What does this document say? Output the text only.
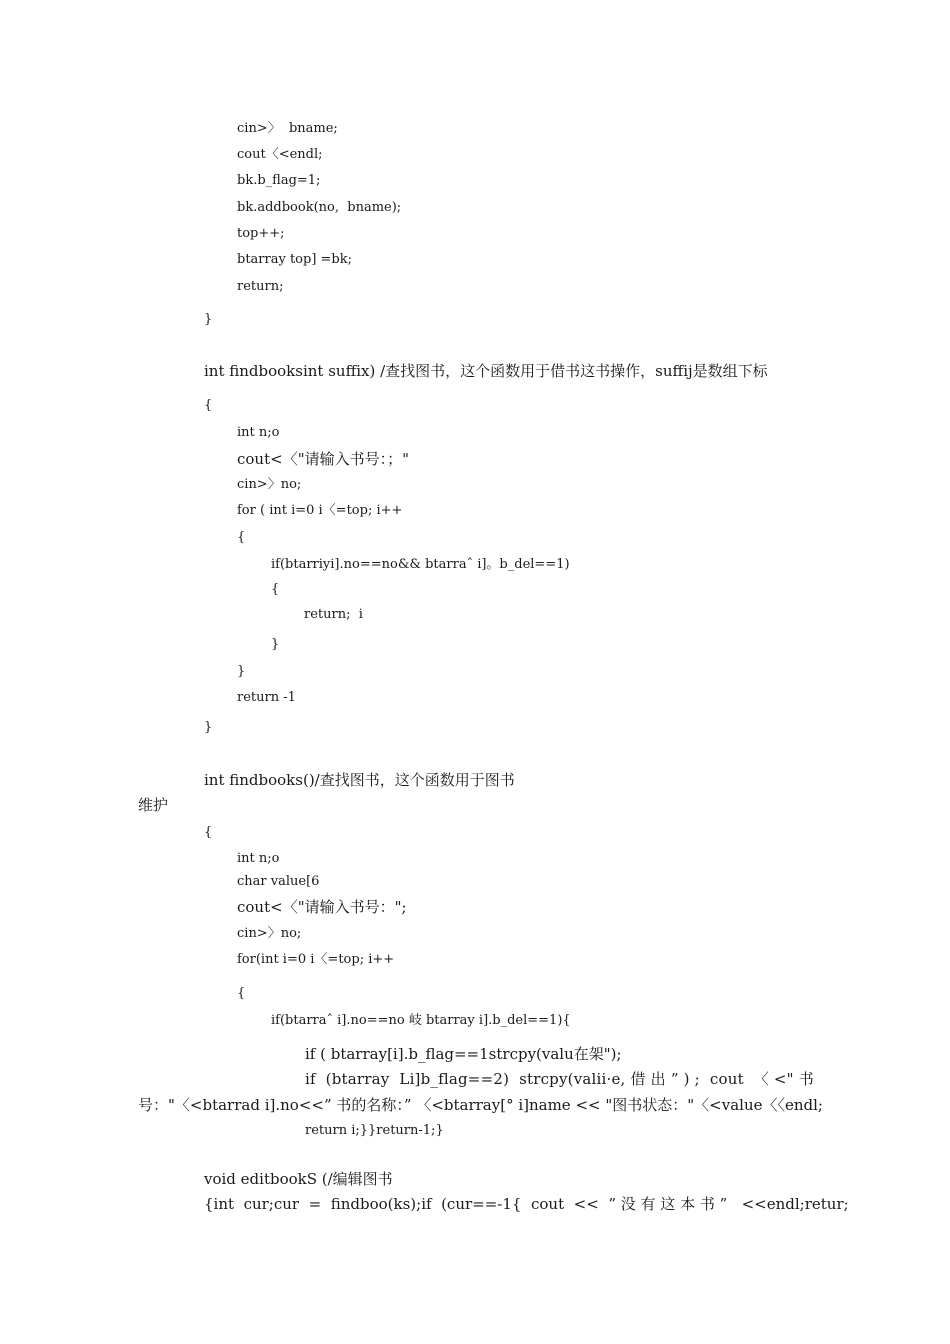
cin>〉  bname;
cout〈<endl;
bk.b_flag=1;
bk.addbook(no,  bname);
top++;
btarray top] =bk;
return;
}
int findbooksint suffix) /查找图书，这个函数用于借书这书操作，suffij是数组下标
{
int n;o
cout<〈"请输入书号：；"
cin>〉no;
for ( int i=0 i〈=top; i++
{
if(btarriyi].no==no&& btarraˆ i]。b_del==1)
{
return;  i
}
}
return -1
}
int findbooks()/查找图书，这个函数用于图书
维护
{
int n;o
char value[6
cout<〈"请输入书号：";
cin>〉no;
for(int i=0 i〈=top; i++
{
if(btarraˆ i].no==no 岐 btarray i].b_del==1){
if ( btarray[i].b_flag==1strcpy(valu在架");
if  (btarray  Li]b_flag==2)  strcpy(valii·e, 借 出 ” ) ;  cout  〈 <" 书
号："〈<btarrad i].no<<” 书的名称：” 〈<btarray[° i]name << "图书状态："〈<value〈〈endl;
return i;}}return-1;}
void editbookS (/编辑图书
{int  cur;cur  =  findboo(ks);if  (cur==-1{  cout  <<  ” 没 有 这 本 书 ”   <<endl;retur;
